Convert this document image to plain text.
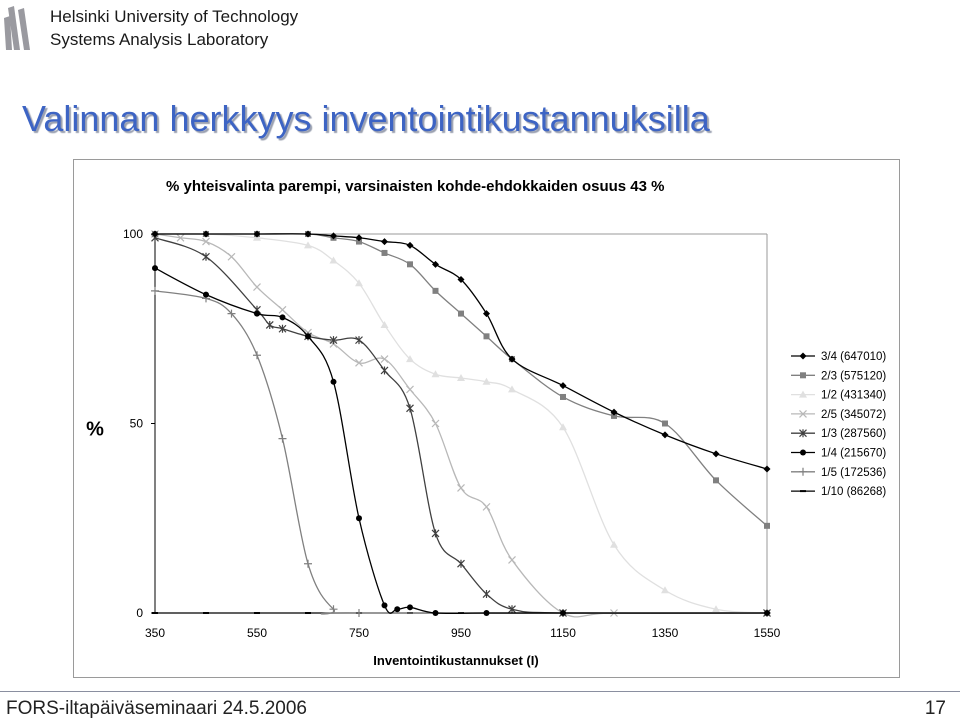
Helsinki University of Technology
Systems Analysis Laboratory
Valinnan herkkyys inventointikustannuksilla
% yhteisvalinta parempi, varsinaisten kohde-ehdokkaiden osuus 43 %
%
Inventointikustannukset (I)
0
50
100
350	550	750	950	1150	1350	1550
3/4 (647010)
2/3 (575120)
1/2 (431340)
2/5 (345072)
1/3 (287560)
1/4 (215670)
1/5 (172536)
1/10 (86268)
FORS-iltapäiväseminaari 24.5.2006	17
